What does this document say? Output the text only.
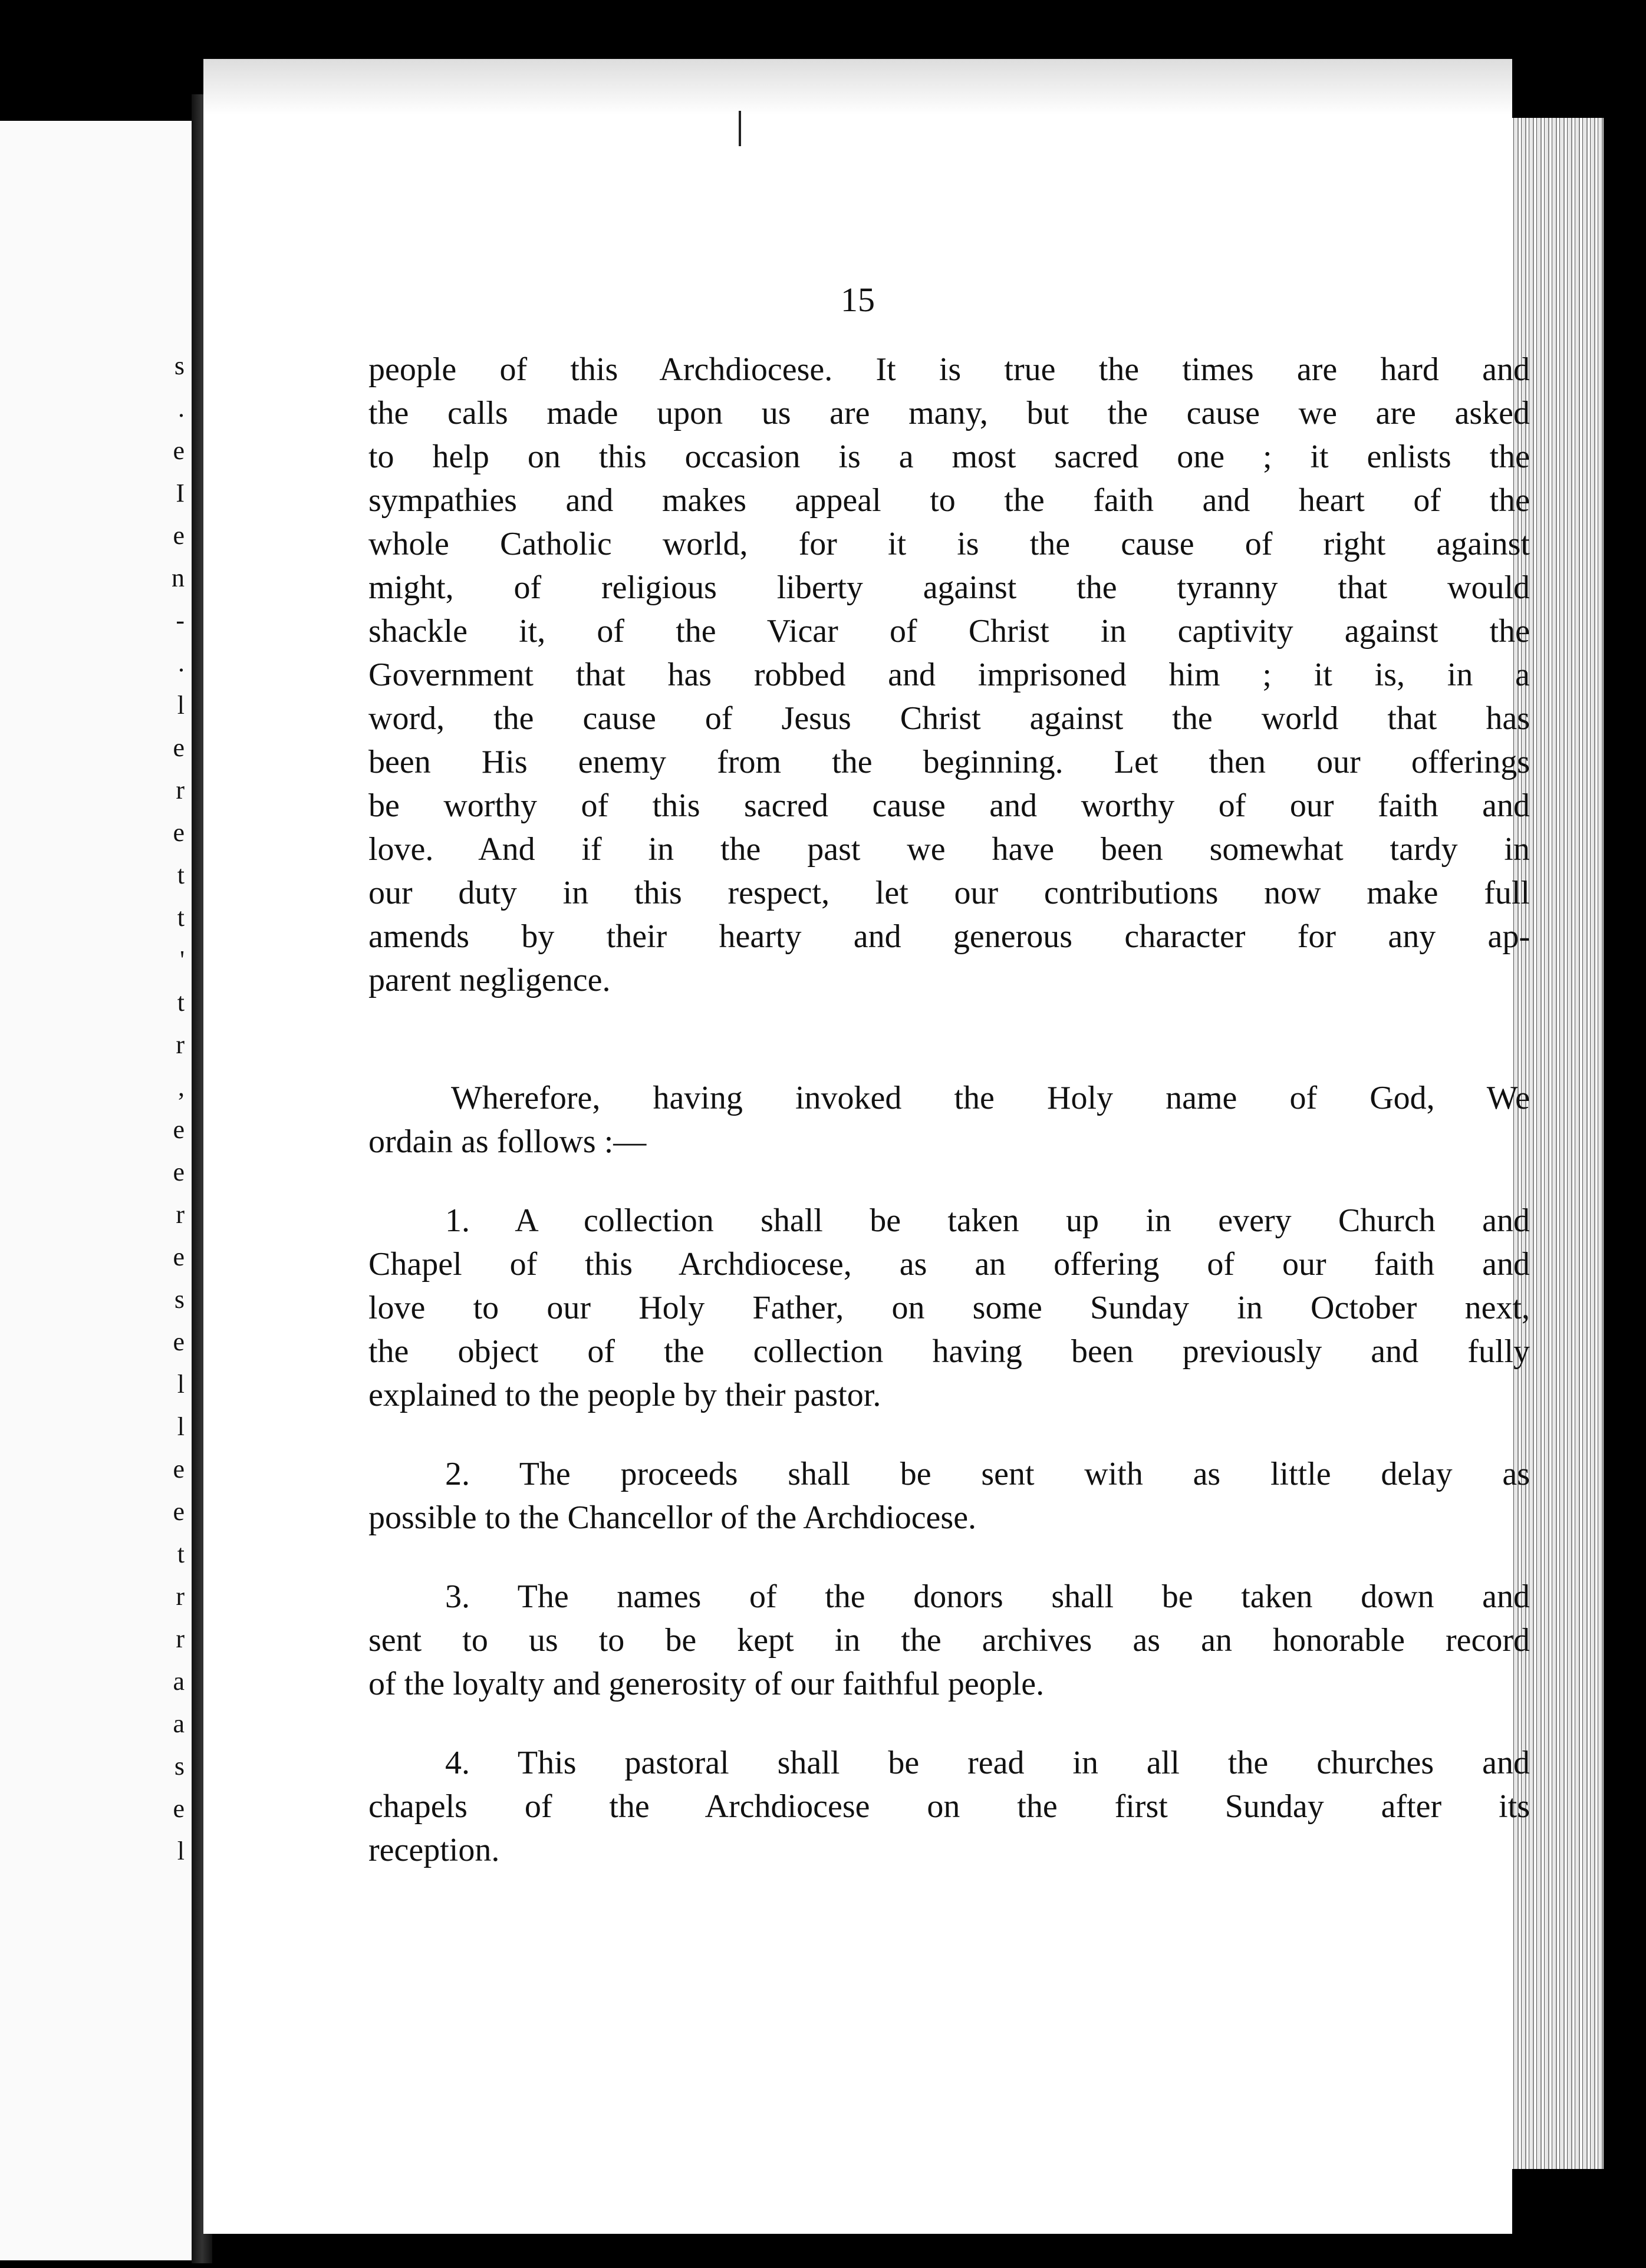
s
.
e
I
e
n
-
.
l
e
r
e
t
t
'
t
r
,
e
e
r
e
s
e
l
l
e
e
t
r
r
a
a
s
e
l
15
people of this Archdiocese. It is true the times are hard and
the calls made upon us are many, but the cause we are asked
to help on this occasion is a most sacred one ; it enlists the
sympathies and makes appeal to the faith and heart of the
whole Catholic world, for it is the cause of right against
might, of religious liberty against the tyranny that would
shackle it, of the Vicar of Christ in captivity against the
Government that has robbed and imprisoned him ; it is, in a
word, the cause of Jesus Christ against the world that has
been His enemy from the beginning. Let then our offerings
be worthy of this sacred cause and worthy of our faith and
love. And if in the past we have been somewhat tardy in
our duty in this respect, let our contributions now make full
amends by their hearty and generous character for any ap-
parent negligence.
Wherefore, having invoked the Holy name of God, We
ordain as follows :—
1. A collection shall be taken up in every Church and
Chapel of this Archdiocese, as an offering of our faith and
love to our Holy Father, on some Sunday in October next,
the object of the collection having been previously and fully
explained to the people by their pastor.
2. The proceeds shall be sent with as little delay as
possible to the Chancellor of the Archdiocese.
3. The names of the donors shall be taken down and
sent to us to be kept in the archives as an honorable record
of the loyalty and generosity of our faithful people.
4. This pastoral shall be read in all the churches and
chapels of the Archdiocese on the first Sunday after its
reception.
